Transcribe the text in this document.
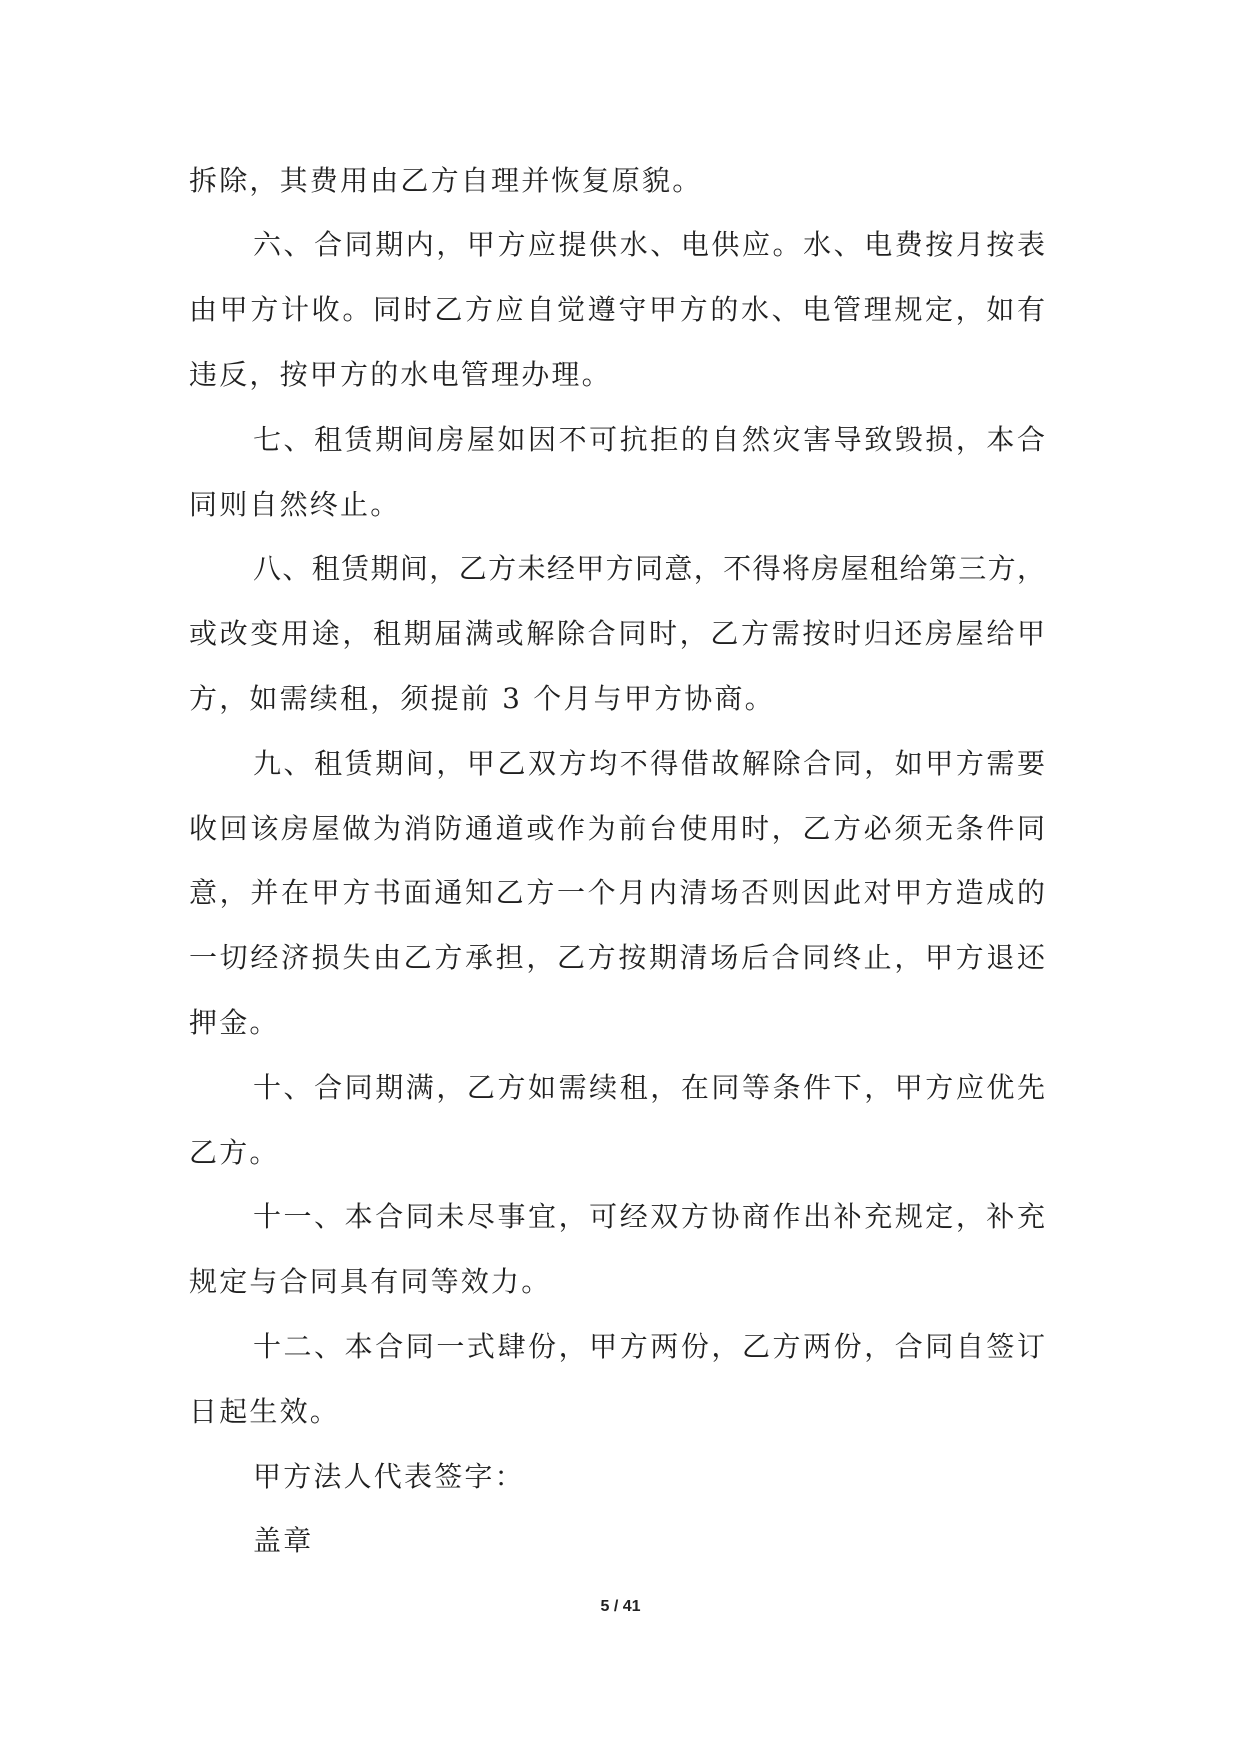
拆除，其费用由乙方自理并恢复原貌。
六、合同期内，甲方应提供水、电供应。水、电费按月按表
由甲方计收。同时乙方应自觉遵守甲方的水、电管理规定，如有
违反，按甲方的水电管理办理。
七、租赁期间房屋如因不可抗拒的自然灾害导致毁损，本合
同则自然终止。
八、租赁期间，乙方未经甲方同意，不得将房屋租给第三方，
或改变用途，租期届满或解除合同时，乙方需按时归还房屋给甲
方，如需续租，须提前 3 个月与甲方协商。
九、租赁期间，甲乙双方均不得借故解除合同，如甲方需要
收回该房屋做为消防通道或作为前台使用时，乙方必须无条件同
意，并在甲方书面通知乙方一个月内清场否则因此对甲方造成的
一切经济损失由乙方承担，乙方按期清场后合同终止，甲方退还
押金。
十、合同期满，乙方如需续租，在同等条件下，甲方应优先
乙方。
十一、本合同未尽事宜，可经双方协商作出补充规定，补充
规定与合同具有同等效力。
十二、本合同一式肆份，甲方两份，乙方两份，合同自签订
日起生效。
甲方法人代表签字：
盖章
5 / 41
